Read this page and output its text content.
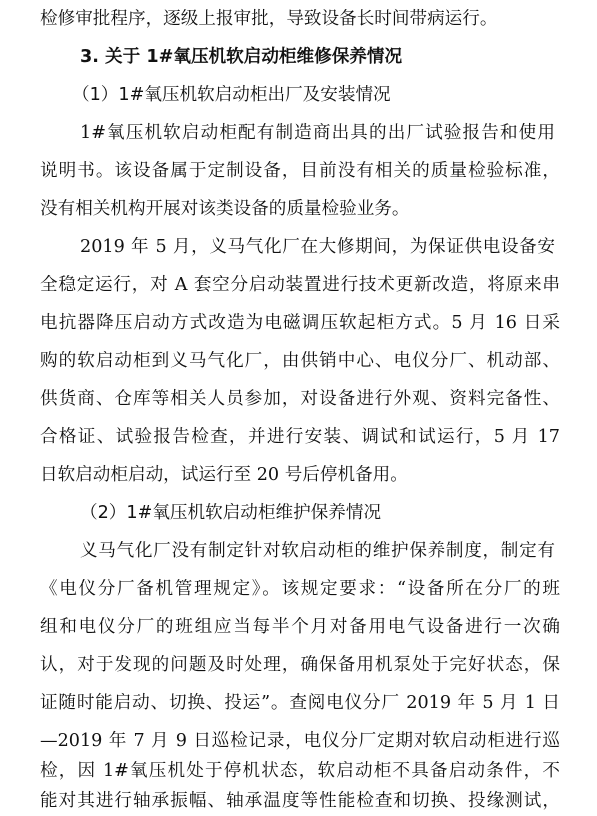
检修审批程序，逐级上报审批，导致设备长时间带病运行。
3. 关于 1#氧压机软启动柜维修保养情况
（1）1#氧压机软启动柜出厂及安装情况
1#氧压机软启动柜配有制造商出具的出厂试验报告和使用
说明书。该设备属于定制设备，目前没有相关的质量检验标准，
没有相关机构开展对该类设备的质量检验业务。
2019 年 5 月，义马气化厂在大修期间，为保证供电设备安
全稳定运行，对 A 套空分启动装置进行技术更新改造，将原来串
电抗器降压启动方式改造为电磁调压软起柜方式。5 月 16 日采
购的软启动柜到义马气化厂，由供销中心、电仪分厂、机动部、
供货商、仓库等相关人员参加，对设备进行外观、资料完备性、
合格证、试验报告检查，并进行安装、调试和试运行，5 月 17
日软启动柜启动，试运行至 20 号后停机备用。
（2）1#氧压机软启动柜维护保养情况
义马气化厂没有制定针对软启动柜的维护保养制度，制定有
《电仪分厂备机管理规定》。该规定要求：“设备所在分厂的班
组和电仪分厂的班组应当每半个月对备用电气设备进行一次确
认，对于发现的问题及时处理，确保备用机泵处于完好状态，保
证随时能启动、切换、投运”。查阅电仪分厂 2019 年 5 月 1 日
—2019 年 7 月 9 日巡检记录，电仪分厂定期对软启动柜进行巡
检，因 1#氧压机处于停机状态，软启动柜不具备启动条件，不
能对其进行轴承振幅、轴承温度等性能检查和切换、投缘测试，
